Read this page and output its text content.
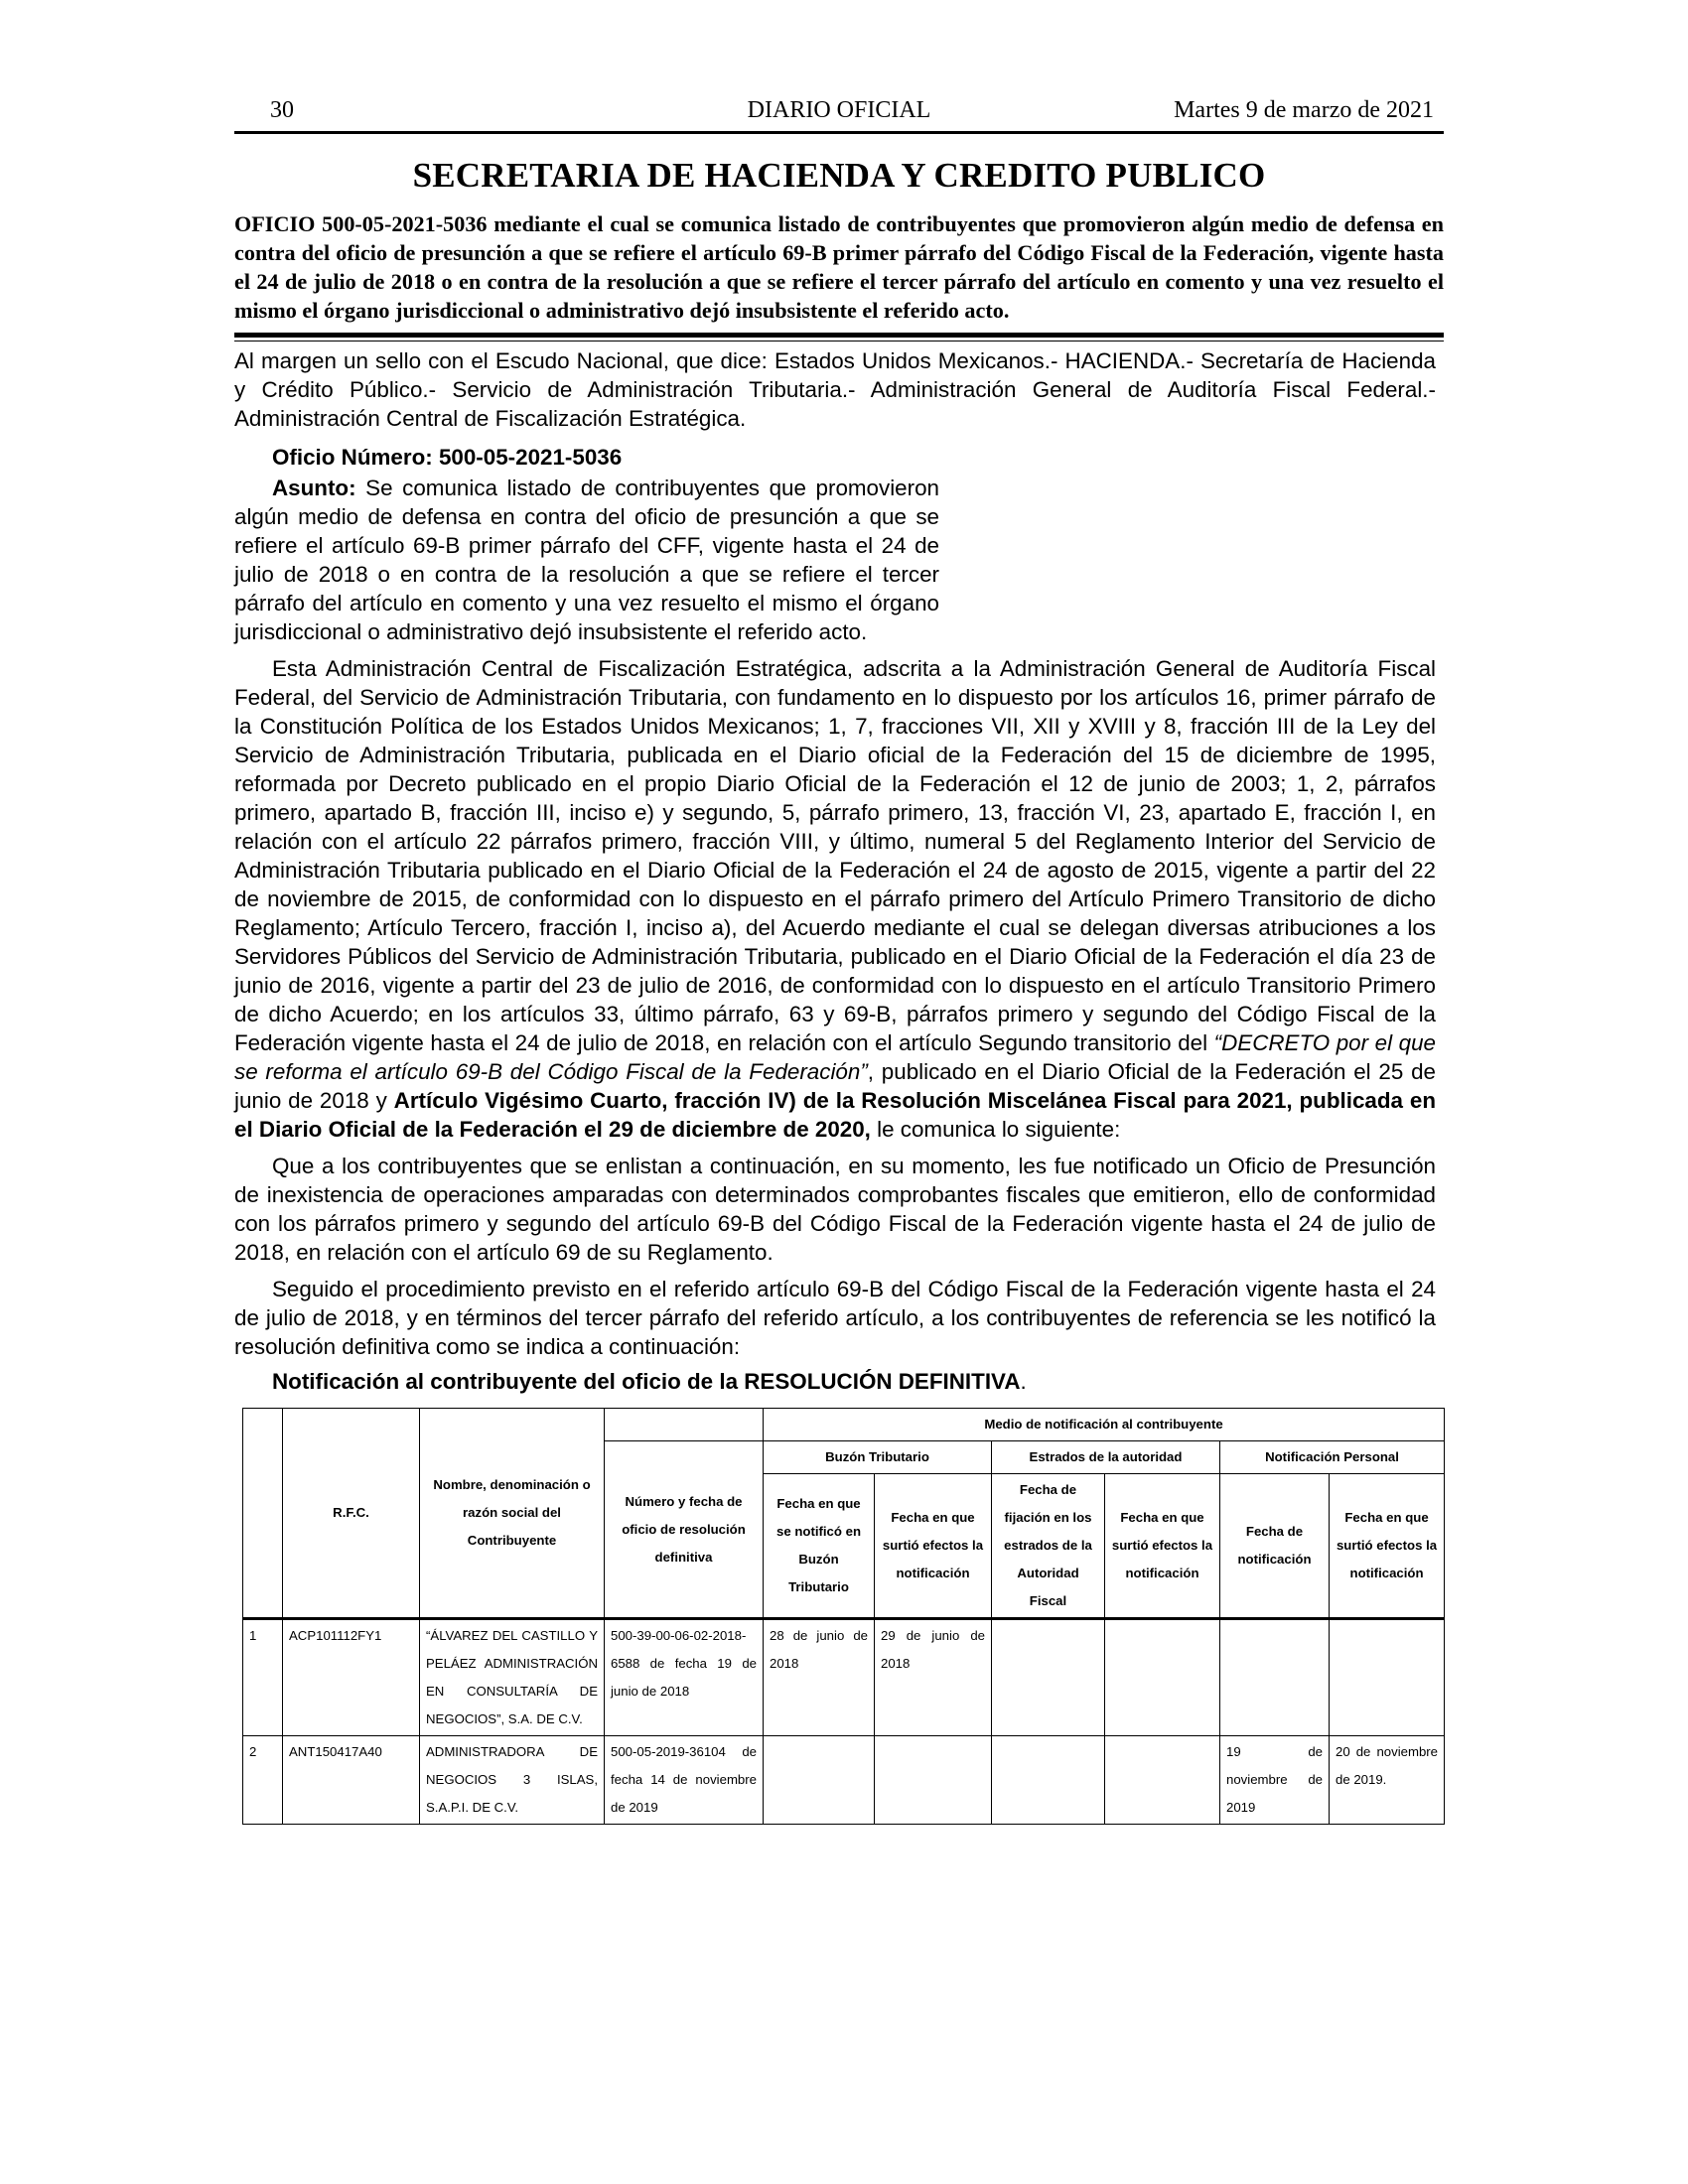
30	DIARIO OFICIAL	Martes 9 de marzo de 2021
SECRETARIA DE HACIENDA Y CREDITO PUBLICO

OFICIO 500-05-2021-5036 mediante el cual se comunica listado de contribuyentes que promovieron algún medio de defensa en contra del oficio de presunción a que se refiere el artículo 69-B primer párrafo del Código Fiscal de la Federación, vigente hasta el 24 de julio de 2018 o en contra de la resolución a que se refiere el tercer párrafo del artículo en comento y una vez resuelto el mismo el órgano jurisdiccional o administrativo dejó insubsistente el referido acto.

Al margen un sello con el Escudo Nacional, que dice: Estados Unidos Mexicanos.- HACIENDA.- Secretaría de Hacienda y Crédito Público.- Servicio de Administración Tributaria.- Administración General de Auditoría Fiscal Federal.- Administración Central de Fiscalización Estratégica.

Oficio Número: 500-05-2021-5036

Asunto: Se comunica listado de contribuyentes que promovieron algún medio de defensa en contra del oficio de presunción a que se refiere el artículo 69-B primer párrafo del CFF, vigente hasta el 24 de julio de 2018 o en contra de la resolución a que se refiere el tercer párrafo del artículo en comento y una vez resuelto el mismo el órgano jurisdiccional o administrativo dejó insubsistente el referido acto.

Esta Administración Central de Fiscalización Estratégica, adscrita a la Administración General de Auditoría Fiscal Federal, del Servicio de Administración Tributaria, con fundamento en lo dispuesto por los artículos 16, primer párrafo de la Constitución Política de los Estados Unidos Mexicanos; 1, 7, fracciones VII, XII y XVIII y 8, fracción III de la Ley del Servicio de Administración Tributaria, publicada en el Diario oficial de la Federación del 15 de diciembre de 1995, reformada por Decreto publicado en el propio Diario Oficial de la Federación el 12 de junio de 2003; 1, 2, párrafos primero, apartado B, fracción III, inciso e) y segundo, 5, párrafo primero, 13, fracción VI, 23, apartado E, fracción I, en relación con el artículo 22 párrafos primero, fracción VIII, y último, numeral 5 del Reglamento Interior del Servicio de Administración Tributaria publicado en el Diario Oficial de la Federación el 24 de agosto de 2015, vigente a partir del 22 de noviembre de 2015, de conformidad con lo dispuesto en el párrafo primero del Artículo Primero Transitorio de dicho Reglamento; Artículo Tercero, fracción I, inciso a), del Acuerdo mediante el cual se delegan diversas atribuciones a los Servidores Públicos del Servicio de Administración Tributaria, publicado en el Diario Oficial de la Federación el día 23 de junio de 2016, vigente a partir del 23 de julio de 2016, de conformidad con lo dispuesto en el artículo Transitorio Primero de dicho Acuerdo; en los artículos 33, último párrafo, 63 y 69-B, párrafos primero y segundo del Código Fiscal de la Federación vigente hasta el 24 de julio de 2018, en relación con el artículo Segundo transitorio del “DECRETO por el que se reforma el artículo 69-B del Código Fiscal de la Federación”, publicado en el Diario Oficial de la Federación el 25 de junio de 2018 y Artículo Vigésimo Cuarto, fracción IV) de la Resolución Miscelánea Fiscal para 2021, publicada en el Diario Oficial de la Federación el 29 de diciembre de 2020, le comunica lo siguiente:

Que a los contribuyentes que se enlistan a continuación, en su momento, les fue notificado un Oficio de Presunción de inexistencia de operaciones amparadas con determinados comprobantes fiscales que emitieron, ello de conformidad con los párrafos primero y segundo del artículo 69-B del Código Fiscal de la Federación vigente hasta el 24 de julio de 2018, en relación con el artículo 69 de su Reglamento.

Seguido el procedimiento previsto en el referido artículo 69-B del Código Fiscal de la Federación vigente hasta el 24 de julio de 2018, y en términos del tercer párrafo del referido artículo, a los contribuyentes de referencia se les notificó la resolución definitiva como se indica a continuación:

Notificación al contribuyente del oficio de la RESOLUCIÓN DEFINITIVA.
	R.F.C.	Nombre, denominación o razón social del Contribuyente		Medio de notificación al contribuyente					
			Número y fecha de oficio de resolución definitiva	Buzón Tributario		Estrados de la autoridad		Notificación Personal	
				Fecha en que se notificó en Buzón Tributario	Fecha en que surtió efectos la notificación	Fecha de fijación en los estrados de la Autoridad Fiscal	Fecha en que surtió efectos la notificación	Fecha de notificación	Fecha en que surtió efectos la notificación
1	ACP101112FY1	“ÁLVAREZ DEL CASTILLO Y PELÁEZ ADMINISTRACIÓN EN CONSULTARÍA DE NEGOCIOS”, S.A. DE C.V.	500-39-00-06-02-2018-6588 de fecha 19 de junio de 2018	28 de junio de 2018	29 de junio de 2018				
2	ANT150417A40	ADMINISTRADORA DE NEGOCIOS 3 ISLAS, S.A.P.I. DE C.V.	500-05-2019-36104 de fecha 14 de noviembre de 2019					19 de noviembre de 2019	20 de noviembre de 2019.
